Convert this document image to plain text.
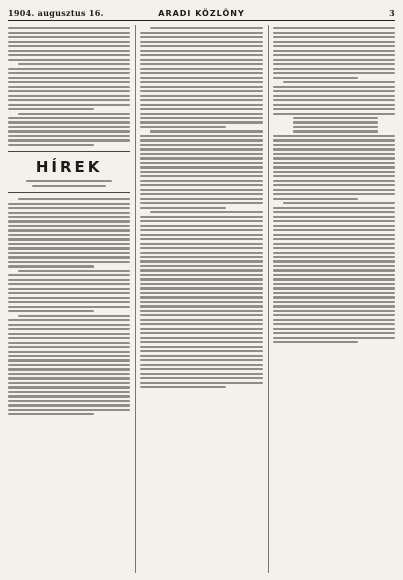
1904. augusztus 16.	ARADI KÖZLÖNY	3
HÍREK
